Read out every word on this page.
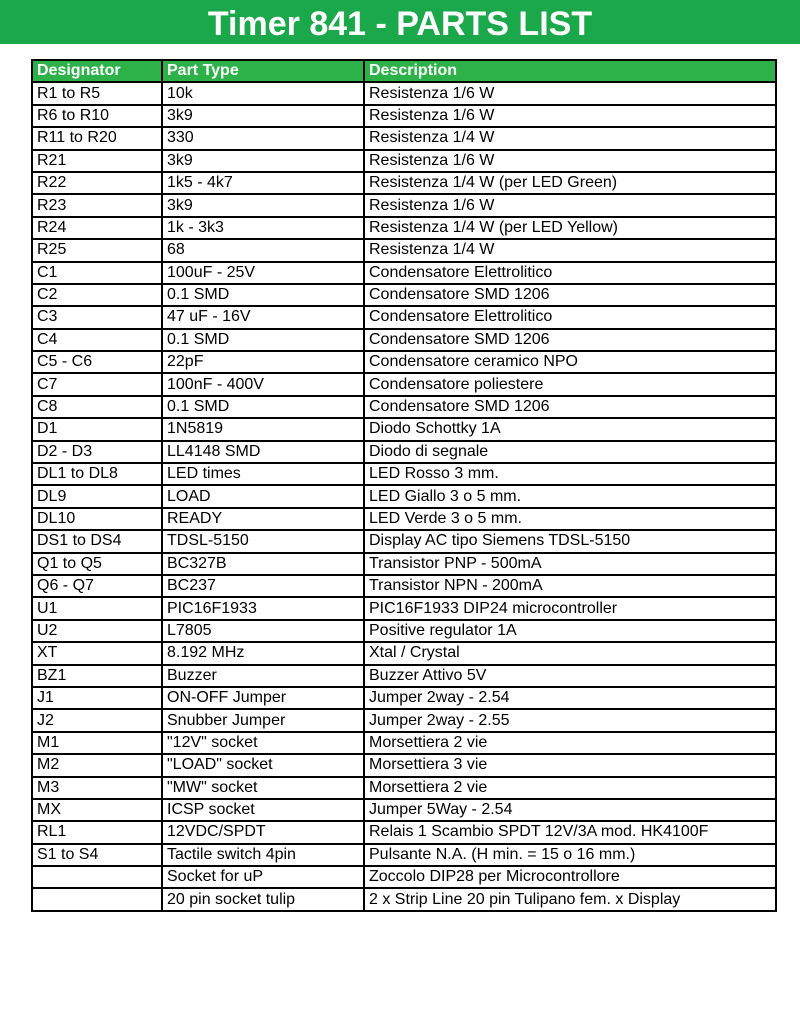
Timer 841 - PARTS LIST
Designator	Part Type	Description
R1 to R5	10k	Resistenza 1/6 W
R6 to R10	3k9	Resistenza 1/6 W
R11 to R20	330	Resistenza 1/4 W
R21	3k9	Resistenza 1/6 W
R22	1k5 - 4k7	Resistenza 1/4 W (per LED Green)
R23	3k9	Resistenza 1/6 W
R24	1k - 3k3	Resistenza 1/4 W (per LED Yellow)
R25	68	Resistenza 1/4 W
C1	100uF - 25V	Condensatore Elettrolitico
C2	0.1 SMD	Condensatore SMD 1206
C3	47 uF - 16V	Condensatore Elettrolitico
C4	0.1 SMD	Condensatore SMD 1206
C5 - C6	22pF	Condensatore ceramico NPO
C7	100nF - 400V	Condensatore poliestere
C8	0.1 SMD	Condensatore SMD 1206
D1	1N5819	Diodo Schottky 1A
D2 - D3	LL4148 SMD	Diodo di segnale
DL1 to DL8	LED times	LED Rosso 3 mm.
DL9	LOAD	LED Giallo 3 o 5 mm.
DL10	READY	LED Verde 3 o 5 mm.
DS1 to DS4	TDSL-5150	Display AC tipo Siemens TDSL-5150
Q1 to Q5	BC327B	Transistor PNP - 500mA
Q6 - Q7	BC237	Transistor NPN - 200mA
U1	PIC16F1933	PIC16F1933 DIP24 microcontroller
U2	L7805	Positive regulator 1A
XT	8.192 MHz	Xtal / Crystal
BZ1	Buzzer	Buzzer Attivo 5V
J1	ON-OFF Jumper	Jumper 2way - 2.54
J2	Snubber Jumper	Jumper 2way - 2.55
M1	"12V" socket	Morsettiera 2 vie
M2	"LOAD" socket	Morsettiera 3 vie
M3	"MW" socket	Morsettiera 2 vie
MX	ICSP socket	Jumper 5Way - 2.54
RL1	12VDC/SPDT	Relais 1 Scambio SPDT 12V/3A mod. HK4100F
S1 to S4	Tactile switch 4pin	Pulsante N.A. (H min. = 15 o 16 mm.)
	Socket for uP	Zoccolo DIP28 per Microcontrollore
	20 pin socket tulip	2 x Strip Line 20 pin Tulipano fem. x Display
